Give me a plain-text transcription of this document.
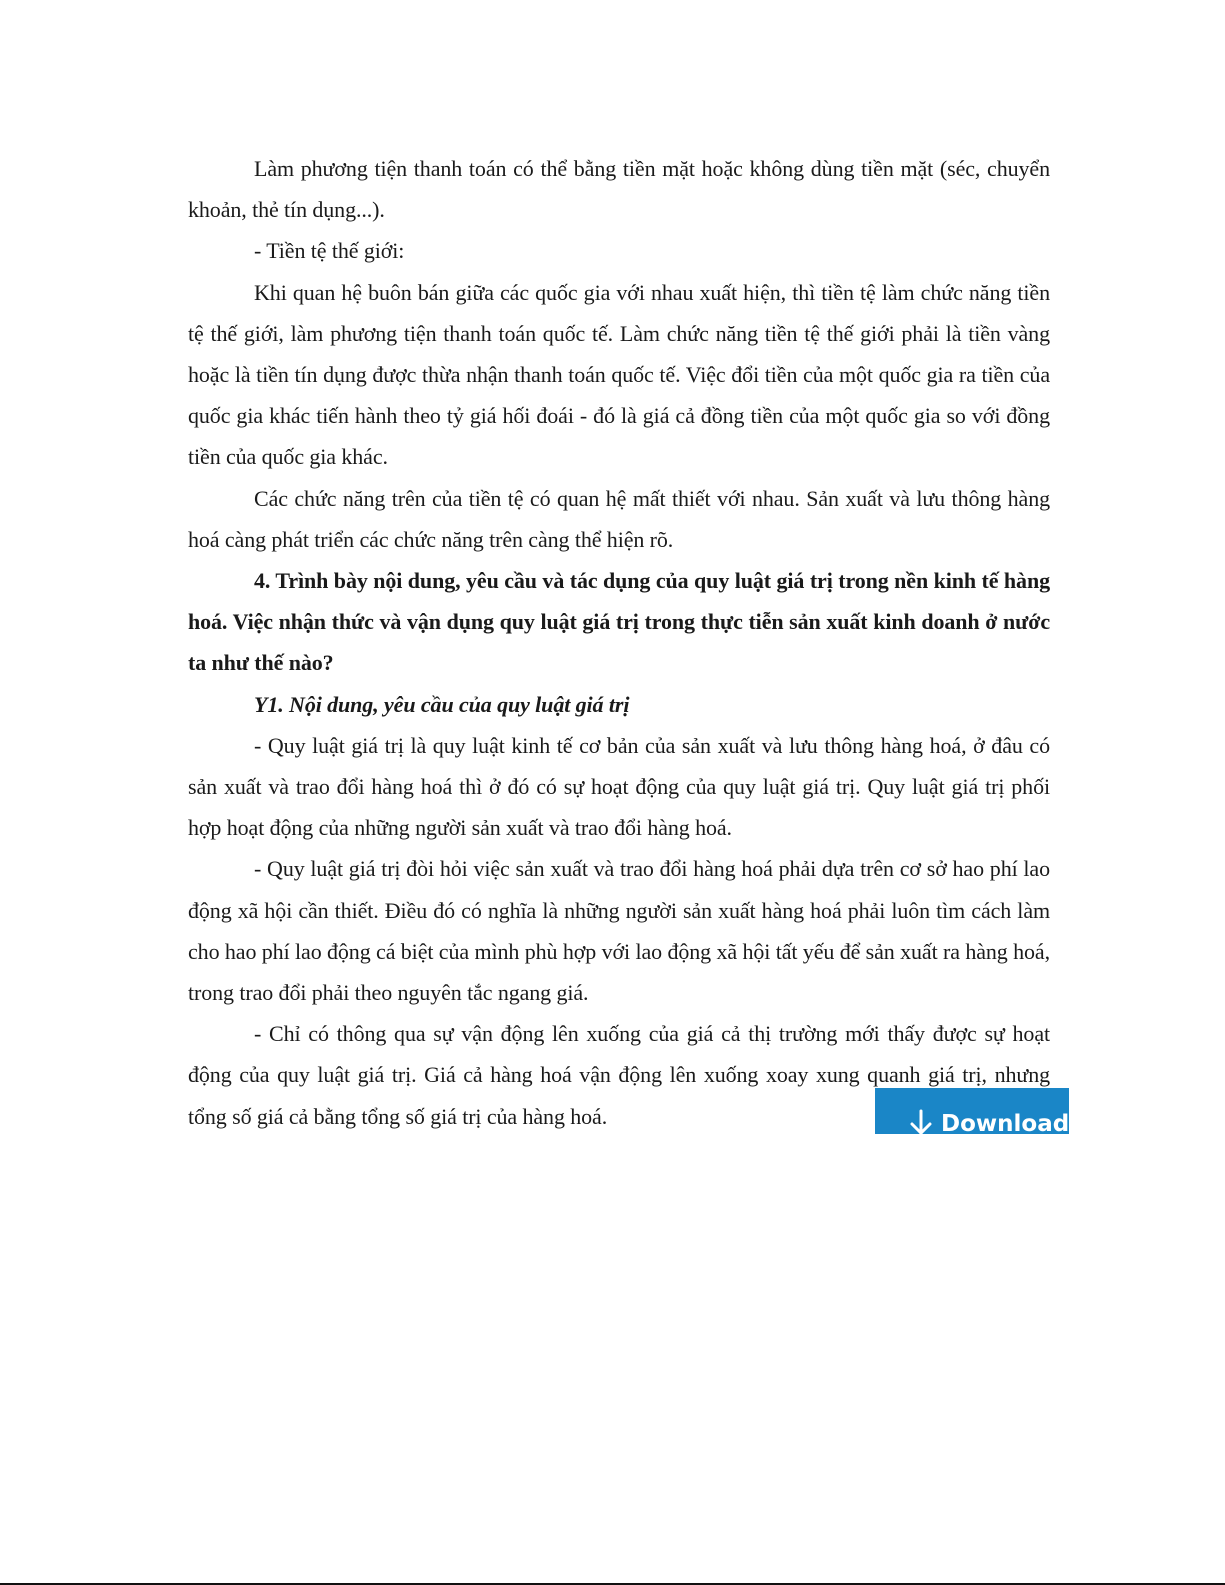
Làm phương tiện thanh toán có thể bằng tiền mặt hoặc không dùng tiền mặt (séc, chuyển khoản, thẻ tín dụng...).

- Tiền tệ thế giới:

Khi quan hệ buôn bán giữa các quốc gia với nhau xuất hiện, thì tiền tệ làm chức năng tiền tệ thế giới, làm phương tiện thanh toán quốc tế. Làm chức năng tiền tệ thế giới phải là tiền vàng hoặc là tiền tín dụng được thừa nhận thanh toán quốc tế. Việc đổi tiền của một quốc gia ra tiền của quốc gia khác tiến hành theo tỷ giá hối đoái - đó là giá cả đồng tiền của một quốc gia so với đồng tiền của quốc gia khác.

Các chức năng trên của tiền tệ có quan hệ mất thiết với nhau. Sản xuất và lưu thông hàng hoá càng phát triển các chức năng trên càng thể hiện rõ.

4. Trình bày nội dung, yêu cầu và tác dụng của quy luật giá trị trong nền kinh tế hàng hoá. Việc nhận thức và vận dụng quy luật giá trị trong thực tiễn sản xuất kinh doanh ở nước ta như thế nào?

Y1. Nội dung, yêu cầu của quy luật giá trị

- Quy luật giá trị là quy luật kinh tế cơ bản của sản xuất và lưu thông hàng hoá, ở đâu có sản xuất và trao đổi hàng hoá thì ở đó có sự hoạt động của quy luật giá trị. Quy luật giá trị phối hợp hoạt động của những người sản xuất và trao đổi hàng hoá.

- Quy luật giá trị đòi hỏi việc sản xuất và trao đổi hàng hoá phải dựa trên cơ sở hao phí lao động xã hội cần thiết. Điều đó có nghĩa là những người sản xuất hàng hoá phải luôn tìm cách làm cho hao phí lao động cá biệt của mình phù hợp với lao động xã hội tất yếu để sản xuất ra hàng hoá, trong trao đổi phải theo nguyên tắc ngang giá.

- Chỉ có thông qua sự vận động lên xuống của giá cả thị trường mới thấy được sự hoạt động của quy luật giá trị. Giá cả hàng hoá vận động lên xuống xoay xung quanh giá trị, nhưng tổng số giá cả bằng tổng số giá trị của hàng hoá.	Download
